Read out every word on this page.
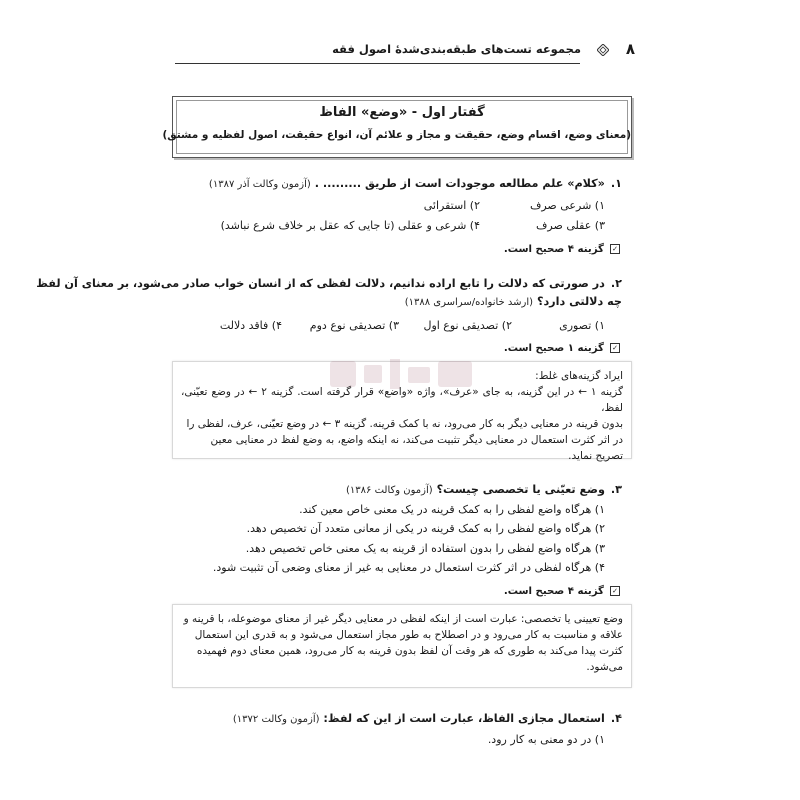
۸
مجموعه تست‌های طبقه‌بندی‌شدهٔ اصول فقه
گفتار اول - «وضع» الفاظ
(معنای وضع، اقسام وضع، حقیقت و مجاز و علائم آن، انواع حقیقت، اصول لفظیه و مشتق)
۱.«کلام» علم مطالعه موجودات است از طریق ......... . (آزمون وکالت آذر ۱۳۸۷)
۱) شرعی صرف
۲) استقرائی
۳) عقلی صرف
۴) شرعی و عقلی (تا جایی که عقل بر خلاف شرع نباشد)
✓گزینه ۴ صحیح است.
۲.در صورتی که دلالت را تابع اراده ندانیم، دلالت لفظی که از انسان خواب صادر می‌شود، بر معنای آن لفظ
چه دلالتی دارد؟ (ارشد خانواده/سراسری ۱۳۸۸)
۱) تصوری
۲) تصدیقی نوع اول
۳) تصدیقی نوع دوم
۴) فاقد دلالت
✓گزینه ۱ صحیح است.

ایراد گزینه‌های غلط:

گزینه ۱ ← در این گزینه، به جای «عرف»، واژه «واضع» قرار گرفته است. گزینه ۲ ← در وضع تعیّنی، لفظ،

بدون قرینه در معنایی دیگر به کار می‌رود، نه با کمک قرینه. گزینه ۳ ← در وضع تعیّنی، عرف، لفظی را

در اثر کثرت استعمال در معنایی دیگر تثبیت می‌کند، نه اینکه واضع، به وضع لفظ در معنایی معین

تصریح نماید.

۳.وضع تعیّنی یا تخصصی چیست؟ (آزمون وکالت ۱۳۸۶)
۱) هرگاه واضع لفظی را به کمک قرینه در یک معنی خاص معین کند.
۲) هرگاه واضع لفظی را به کمک قرینه در یکی از معانی متعدد آن تخصیص دهد.
۳) هرگاه واضع لفظی را بدون استفاده از قرینه به یک معنی خاص تخصیص دهد.
۴) هرگاه لفظی در اثر کثرت استعمال در معنایی به غیر از معنای وضعی آن تثبیت شود.
✓گزینه ۴ صحیح است.

وضع تعیینی یا تخصصی: عبارت است از اینکه لفظی در معنایی دیگر غیر از معنای موضوعله، با قرینه و

علاقه و مناسبت به کار می‌رود و در اصطلاح به طور مجاز استعمال می‌شود و به قدری این استعمال

کثرت پیدا می‌کند به طوری که هر وقت آن لفظ بدون قرینه به کار می‌رود، همین معنای دوم فهمیده

می‌شود.

۴.استعمال مجازی الفاظ، عبارت است از این که لفظ: (آزمون وکالت ۱۳۷۲)
۱) در دو معنی به کار رود.
